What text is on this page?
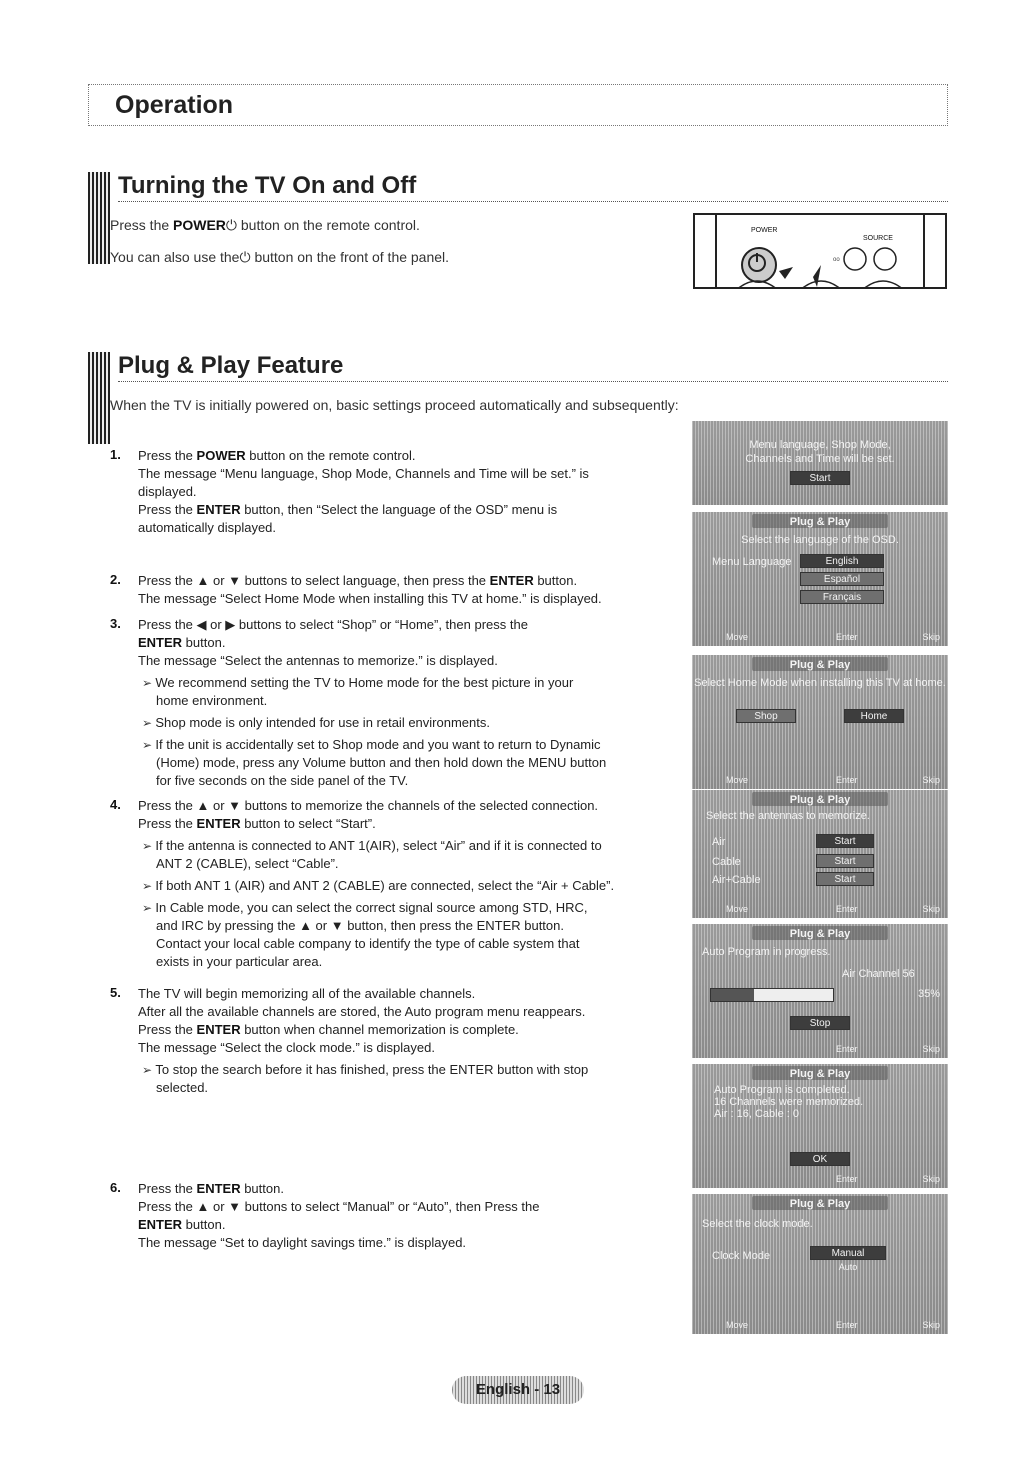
Operation
Turning the TV On and Off
Press the POWER⏻ button on the remote control.
You can also use the⏻ button on the front of the panel.	oo
POWER
SOURCE
Plug & Play Feature
When the TV is initially powered on, basic settings proceed automatically and subsequently:
1. Press the POWER button on the remote control.
The message “Menu language, Shop Mode, Channels and Time will be set.” is
displayed.
Press the ENTER button, then “Select the language of the OSD” menu is
automatically displayed.
2. Press the ▲ or ▼ buttons to select language, then press the ENTER button.
The message “Select Home Mode when installing this TV at home.” is displayed.
3. Press the ◀ or ▶ buttons to select “Shop” or “Home”, then press the
ENTER button.
The message “Select the antennas to memorize.” is displayed.
➢ We recommend setting the TV to Home mode for the best picture in your
home environment.
➢ Shop mode is only intended for use in retail environments.
➢ If the unit is accidentally set to Shop mode and you want to return to Dynamic
(Home) mode, press any Volume button and then hold down the MENU button
for five seconds on the side panel of the TV.
4. Press the ▲ or ▼ buttons to memorize the channels of the selected connection.
Press the ENTER button to select “Start”.
➢ If the antenna is connected to ANT 1(AIR), select “Air” and if it is connected to
ANT 2 (CABLE), select “Cable”.
➢ If both ANT 1 (AIR) and ANT 2 (CABLE) are connected, select the “Air + Cable”.
➢ In Cable mode, you can select the correct signal source among STD, HRC,
and IRC by pressing the ▲ or ▼ button, then press the ENTER button.
Contact your local cable company to identify the type of cable system that
exists in your particular area.
5. The TV will begin memorizing all of the available channels.
After all the available channels are stored, the Auto program menu reappears.
Press the ENTER button when channel memorization is complete.
The message “Select the clock mode.” is displayed.
➢ To stop the search before it has finished, press the ENTER button with stop
selected.
6. Press the ENTER button.
Press the ▲ or ▼ buttons to select “Manual” or “Auto”, then Press the
ENTER button.
The message “Set to daylight savings time.” is displayed.
Menu language, Shop Mode,
Channels and Time will be set.
Start
Plug & Play
Select the language of the OSD.
Menu Language	English
Español
Français
Move	Enter	Skip
Plug & Play
Select Home Mode when installing this TV at home.
Shop	Home
Move	Enter	Skip
Plug & Play
Select the antennas to memorize.
Air
Cable
Air+Cable
Start
Start
Start
Move	Enter	Skip
Plug & Play
Auto Program in progress.
Air Channel 56
35%
Stop
Enter	Skip
Plug & Play
Auto Program is completed.
16 Channels were memorized.
Air : 16, Cable : 0
OK
Enter	Skip
Plug & Play
Select the clock mode.
Clock Mode	Manual
Auto
Move	Enter	Skip
English - 13
